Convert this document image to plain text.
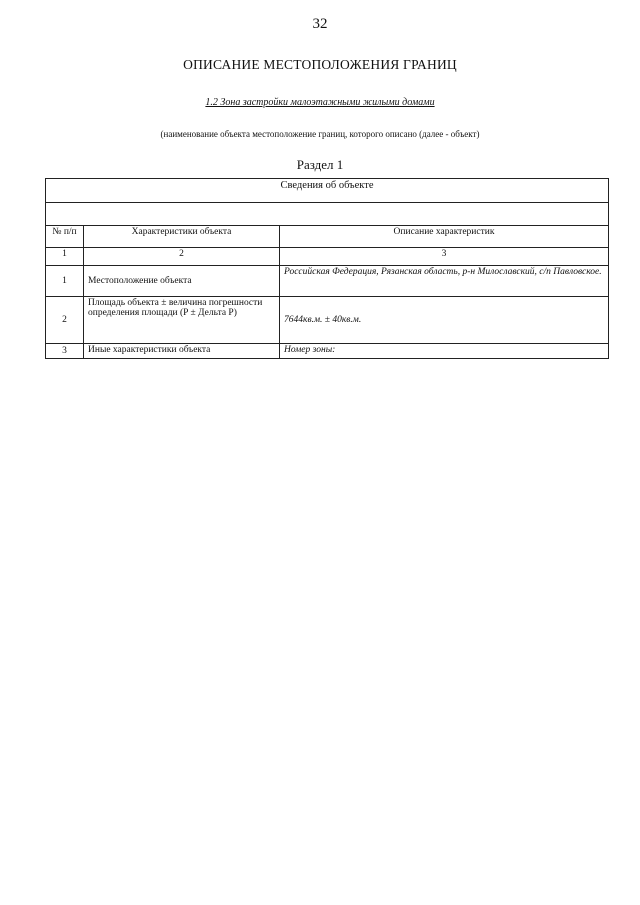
32
ОПИСАНИЕ МЕСТОПОЛОЖЕНИЯ ГРАНИЦ
1.2 Зона застройки малоэтажными жилыми домами
(наименование объекта местоположение границ, которого описано (далее - объект)
Раздел 1
Сведения об объекте		

№ п/п	Характеристики объекта	Описание характеристик
1	2	3
1	Местоположение объекта	Российская Федерация, Рязанская область, р-н Милославский, с/п Павловское.
2	Площадь объекта ± величина погрешности определения площади (P ± Дельта P)	7644кв.м. ± 40кв.м.
3	Иные характеристики объекта	Номер зоны:
